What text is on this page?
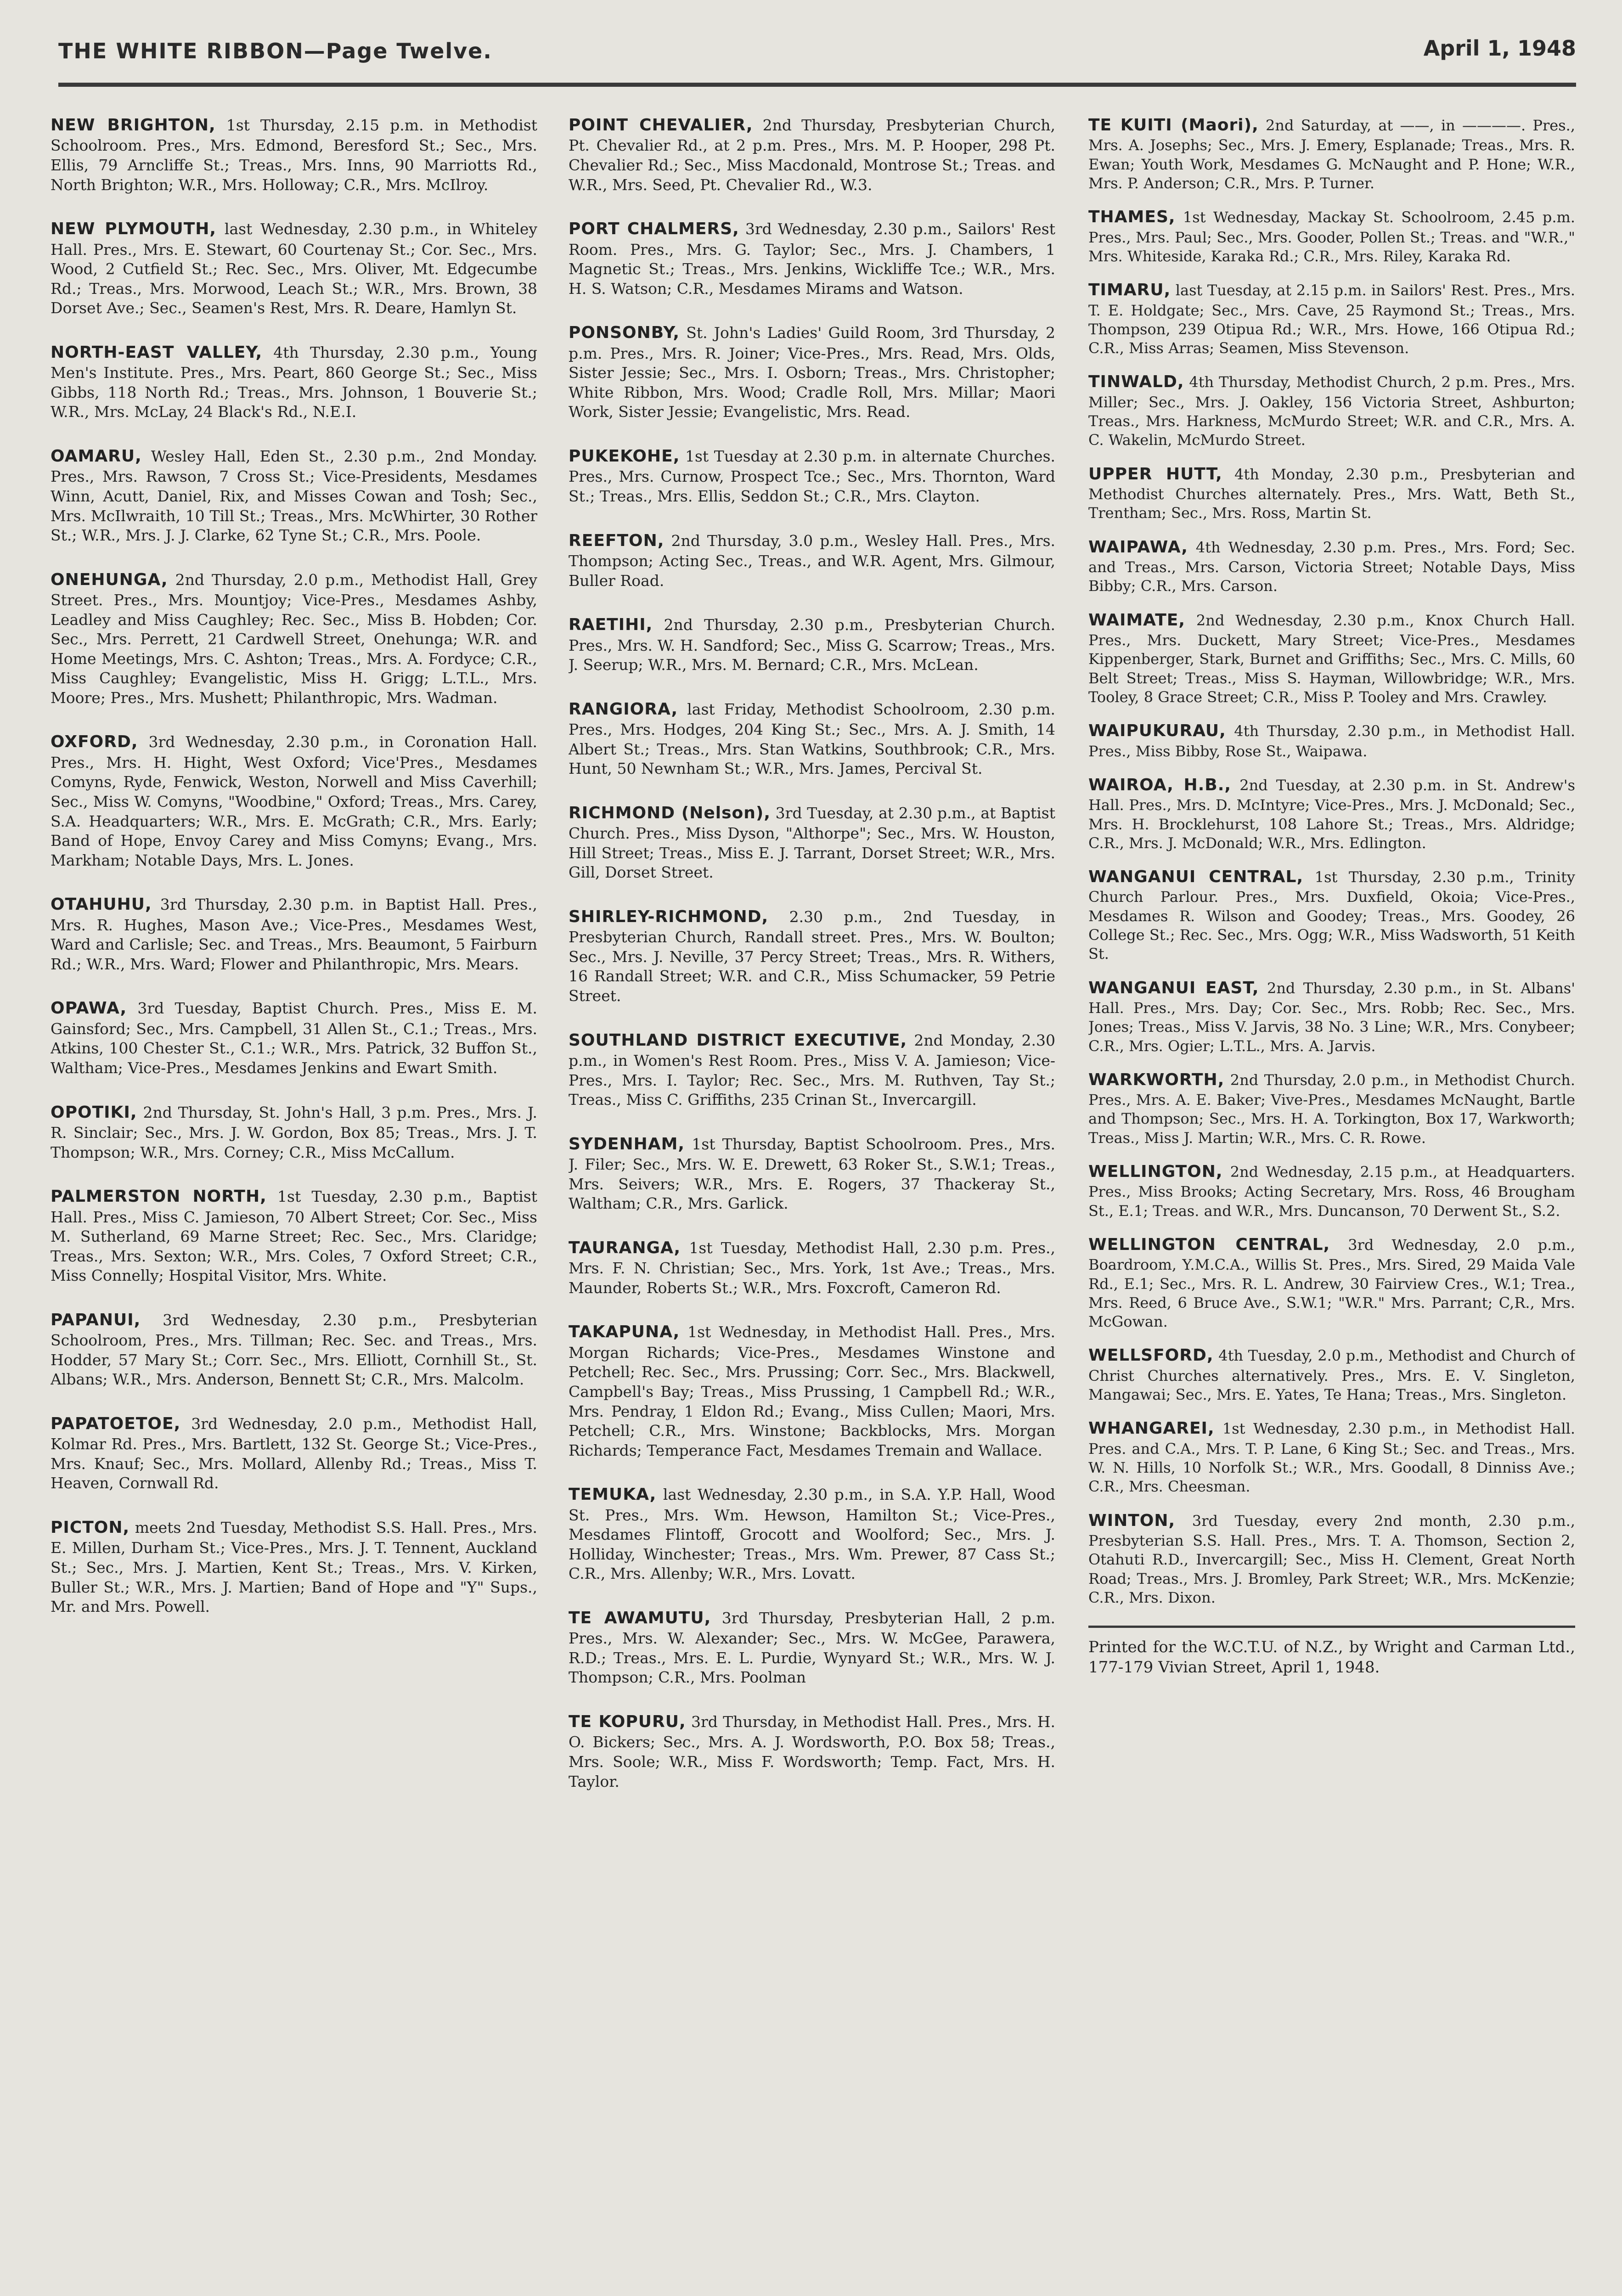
THE WHITE RIBBON—Page Twelve.	April 1, 1948

NEW BRIGHTON, 1st Thursday, 2.15 p.m. in Methodist Schoolroom. Pres., Mrs. Edmond, Beresford St.; Sec., Mrs. Ellis, 79 Arncliffe St.; Treas., Mrs. Inns, 90 Marriotts Rd., North Brighton; W.R., Mrs. Holloway; C.R., Mrs. McIlroy.

NEW PLYMOUTH, last Wednesday, 2.30 p.m., in Whiteley Hall. Pres., Mrs. E. Stewart, 60 Courtenay St.; Cor. Sec., Mrs. Wood, 2 Cutfield St.; Rec. Sec., Mrs. Oliver, Mt. Edgecumbe Rd.; Treas., Mrs. Morwood, Leach St.; W.R., Mrs. Brown, 38 Dorset Ave.; Sec., Seamen's Rest, Mrs. R. Deare, Hamlyn St.

NORTH-EAST VALLEY, 4th Thursday, 2.30 p.m., Young Men's Institute. Pres., Mrs. Peart, 860 George St.; Sec., Miss Gibbs, 118 North Rd.; Treas., Mrs. Johnson, 1 Bouverie St.; W.R., Mrs. McLay, 24 Black's Rd., N.E.I.

OAMARU, Wesley Hall, Eden St., 2.30 p.m., 2nd Monday. Pres., Mrs. Rawson, 7 Cross St.; Vice-Presidents, Mesdames Winn, Acutt, Daniel, Rix, and Misses Cowan and Tosh; Sec., Mrs. McIlwraith, 10 Till St.; Treas., Mrs. McWhirter, 30 Rother St.; W.R., Mrs. J. J. Clarke, 62 Tyne St.; C.R., Mrs. Poole.

ONEHUNGA, 2nd Thursday, 2.0 p.m., Methodist Hall, Grey Street. Pres., Mrs. Mountjoy; Vice-Pres., Mesdames Ashby, Leadley and Miss Caughley; Rec. Sec., Miss B. Hobden; Cor. Sec., Mrs. Perrett, 21 Cardwell Street, Onehunga; W.R. and Home Meetings, Mrs. C. Ashton; Treas., Mrs. A. Fordyce; C.R., Miss Caughley; Evangelistic, Miss H. Grigg; L.T.L., Mrs. Moore; Pres., Mrs. Mushett; Philanthropic, Mrs. Wadman.

OXFORD, 3rd Wednesday, 2.30 p.m., in Coronation Hall. Pres., Mrs. H. Hight, West Oxford; Vice'Pres., Mesdames Comyns, Ryde, Fenwick, Weston, Norwell and Miss Caverhill; Sec., Miss W. Comyns, "Woodbine," Oxford; Treas., Mrs. Carey, S.A. Headquarters; W.R., Mrs. E. McGrath; C.R., Mrs. Early; Band of Hope, Envoy Carey and Miss Comyns; Evang., Mrs. Markham; Notable Days, Mrs. L. Jones.

OTAHUHU, 3rd Thursday, 2.30 p.m. in Baptist Hall. Pres., Mrs. R. Hughes, Mason Ave.; Vice-Pres., Mesdames West, Ward and Carlisle; Sec. and Treas., Mrs. Beaumont, 5 Fairburn Rd.; W.R., Mrs. Ward; Flower and Philanthropic, Mrs. Mears.

OPAWA, 3rd Tuesday, Baptist Church. Pres., Miss E. M. Gainsford; Sec., Mrs. Campbell, 31 Allen St., C.1.; Treas., Mrs. Atkins, 100 Chester St., C.1.; W.R., Mrs. Patrick, 32 Buffon St., Waltham; Vice-Pres., Mesdames Jenkins and Ewart Smith.

OPOTIKI, 2nd Thursday, St. John's Hall, 3 p.m. Pres., Mrs. J. R. Sinclair; Sec., Mrs. J. W. Gordon, Box 85; Treas., Mrs. J. T. Thompson; W.R., Mrs. Corney; C.R., Miss McCallum.

PALMERSTON NORTH, 1st Tuesday, 2.30 p.m., Baptist Hall. Pres., Miss C. Jamieson, 70 Albert Street; Cor. Sec., Miss M. Sutherland, 69 Marne Street; Rec. Sec., Mrs. Claridge; Treas., Mrs. Sexton; W.R., Mrs. Coles, 7 Oxford Street; C.R., Miss Connelly; Hospital Visitor, Mrs. White.

PAPANUI, 3rd Wednesday, 2.30 p.m., Presbyterian Schoolroom, Pres., Mrs. Tillman; Rec. Sec. and Treas., Mrs. Hodder, 57 Mary St.; Corr. Sec., Mrs. Elliott, Cornhill St., St. Albans; W.R., Mrs. Anderson, Bennett St; C.R., Mrs. Malcolm.

PAPATOETOE, 3rd Wednesday, 2.0 p.m., Methodist Hall, Kolmar Rd. Pres., Mrs. Bartlett, 132 St. George St.; Vice-Pres., Mrs. Knauf; Sec., Mrs. Mollard, Allenby Rd.; Treas., Miss T. Heaven, Cornwall Rd.

PICTON, meets 2nd Tuesday, Methodist S.S. Hall. Pres., Mrs. E. Millen, Durham St.; Vice-Pres., Mrs. J. T. Tennent, Auckland St.; Sec., Mrs. J. Martien, Kent St.; Treas., Mrs. V. Kirken, Buller St.; W.R., Mrs. J. Martien; Band of Hope and "Y" Sups., Mr. and Mrs. Powell.

POINT CHEVALIER, 2nd Thursday, Presbyterian Church, Pt. Chevalier Rd., at 2 p.m. Pres., Mrs. M. P. Hooper, 298 Pt. Chevalier Rd.; Sec., Miss Macdonald, Montrose St.; Treas. and W.R., Mrs. Seed, Pt. Chevalier Rd., W.3.

PORT CHALMERS, 3rd Wednesday, 2.30 p.m., Sailors' Rest Room. Pres., Mrs. G. Taylor; Sec., Mrs. J. Chambers, 1 Magnetic St.; Treas., Mrs. Jenkins, Wickliffe Tce.; W.R., Mrs. H. S. Watson; C.R., Mesdames Mirams and Watson.

PONSONBY, St. John's Ladies' Guild Room, 3rd Thursday, 2 p.m. Pres., Mrs. R. Joiner; Vice-Pres., Mrs. Read, Mrs. Olds, Sister Jessie; Sec., Mrs. I. Osborn; Treas., Mrs. Christopher; White Ribbon, Mrs. Wood; Cradle Roll, Mrs. Millar; Maori Work, Sister Jessie; Evangelistic, Mrs. Read.

PUKEKOHE, 1st Tuesday at 2.30 p.m. in alternate Churches. Pres., Mrs. Curnow, Prospect Tce.; Sec., Mrs. Thornton, Ward St.; Treas., Mrs. Ellis, Seddon St.; C.R., Mrs. Clayton.

REEFTON, 2nd Thursday, 3.0 p.m., Wesley Hall. Pres., Mrs. Thompson; Acting Sec., Treas., and W.R. Agent, Mrs. Gilmour, Buller Road.

RAETIHI, 2nd Thursday, 2.30 p.m., Presbyterian Church. Pres., Mrs. W. H. Sandford; Sec., Miss G. Scarrow; Treas., Mrs. J. Seerup; W.R., Mrs. M. Bernard; C.R., Mrs. McLean.

RANGIORA, last Friday, Methodist Schoolroom, 2.30 p.m. Pres., Mrs. Hodges, 204 King St.; Sec., Mrs. A. J. Smith, 14 Albert St.; Treas., Mrs. Stan Watkins, Southbrook; C.R., Mrs. Hunt, 50 Newnham St.; W.R., Mrs. James, Percival St.

RICHMOND (Nelson), 3rd Tuesday, at 2.30 p.m., at Baptist Church. Pres., Miss Dyson, "Althorpe"; Sec., Mrs. W. Houston, Hill Street; Treas., Miss E. J. Tarrant, Dorset Street; W.R., Mrs. Gill, Dorset Street.

SHIRLEY-RICHMOND, 2.30 p.m., 2nd Tuesday, in Presbyterian Church, Randall street. Pres., Mrs. W. Boulton; Sec., Mrs. J. Neville, 37 Percy Street; Treas., Mrs. R. Withers, 16 Randall Street; W.R. and C.R., Miss Schumacker, 59 Petrie Street.

SOUTHLAND DISTRICT EXECUTIVE, 2nd Monday, 2.30 p.m., in Women's Rest Room. Pres., Miss V. A. Jamieson; Vice-Pres., Mrs. I. Taylor; Rec. Sec., Mrs. M. Ruthven, Tay St.; Treas., Miss C. Griffiths, 235 Crinan St., Invercargill.

SYDENHAM, 1st Thursday, Baptist Schoolroom. Pres., Mrs. J. Filer; Sec., Mrs. W. E. Drewett, 63 Roker St., S.W.1; Treas., Mrs. Seivers; W.R., Mrs. E. Rogers, 37 Thackeray St., Waltham; C.R., Mrs. Garlick.

TAURANGA, 1st Tuesday, Methodist Hall, 2.30 p.m. Pres., Mrs. F. N. Christian; Sec., Mrs. York, 1st Ave.; Treas., Mrs. Maunder, Roberts St.; W.R., Mrs. Foxcroft, Cameron Rd.

TAKAPUNA, 1st Wednesday, in Methodist Hall. Pres., Mrs. Morgan Richards; Vice-Pres., Mesdames Winstone and Petchell; Rec. Sec., Mrs. Prussing; Corr. Sec., Mrs. Blackwell, Campbell's Bay; Treas., Miss Prussing, 1 Campbell Rd.; W.R., Mrs. Pendray, 1 Eldon Rd.; Evang., Miss Cullen; Maori, Mrs. Petchell; C.R., Mrs. Winstone; Backblocks, Mrs. Morgan Richards; Temperance Fact, Mesdames Tremain and Wallace.

TEMUKA, last Wednesday, 2.30 p.m., in S.A. Y.P. Hall, Wood St. Pres., Mrs. Wm. Hewson, Hamilton St.; Vice-Pres., Mesdames Flintoff, Grocott and Woolford; Sec., Mrs. J. Holliday, Winchester; Treas., Mrs. Wm. Prewer, 87 Cass St.; C.R., Mrs. Allenby; W.R., Mrs. Lovatt.

TE AWAMUTU, 3rd Thursday, Presbyterian Hall, 2 p.m. Pres., Mrs. W. Alexander; Sec., Mrs. W. McGee, Parawera, R.D.; Treas., Mrs. E. L. Purdie, Wynyard St.; W.R., Mrs. W. J. Thompson; C.R., Mrs. Poolman

TE KOPURU, 3rd Thursday, in Methodist Hall. Pres., Mrs. H. O. Bickers; Sec., Mrs. A. J. Wordsworth, P.O. Box 58; Treas., Mrs. Soole; W.R., Miss F. Wordsworth; Temp. Fact, Mrs. H. Taylor.

TE KUITI (Maori), 2nd Saturday, at ——, in ————. Pres., Mrs. A. Josephs; Sec., Mrs. J. Emery, Esplanade; Treas., Mrs. R. Ewan; Youth Work, Mesdames G. McNaught and P. Hone; W.R., Mrs. P. Anderson; C.R., Mrs. P. Turner.

THAMES, 1st Wednesday, Mackay St. Schoolroom, 2.45 p.m. Pres., Mrs. Paul; Sec., Mrs. Gooder, Pollen St.; Treas. and "W.R.," Mrs. Whiteside, Karaka Rd.; C.R., Mrs. Riley, Karaka Rd.

TIMARU, last Tuesday, at 2.15 p.m. in Sailors' Rest. Pres., Mrs. T. E. Holdgate; Sec., Mrs. Cave, 25 Raymond St.; Treas., Mrs. Thompson, 239 Otipua Rd.; W.R., Mrs. Howe, 166 Otipua Rd.; C.R., Miss Arras; Seamen, Miss Stevenson.

TINWALD, 4th Thursday, Methodist Church, 2 p.m. Pres., Mrs. Miller; Sec., Mrs. J. Oakley, 156 Victoria Street, Ashburton; Treas., Mrs. Harkness, McMurdo Street; W.R. and C.R., Mrs. A. C. Wakelin, McMurdo Street.

UPPER HUTT, 4th Monday, 2.30 p.m., Presbyterian and Methodist Churches alternately. Pres., Mrs. Watt, Beth St., Trentham; Sec., Mrs. Ross, Martin St.

WAIPAWA, 4th Wednesday, 2.30 p.m. Pres., Mrs. Ford; Sec. and Treas., Mrs. Carson, Victoria Street; Notable Days, Miss Bibby; C.R., Mrs. Carson.

WAIMATE, 2nd Wednesday, 2.30 p.m., Knox Church Hall. Pres., Mrs. Duckett, Mary Street; Vice-Pres., Mesdames Kippenberger, Stark, Burnet and Griffiths; Sec., Mrs. C. Mills, 60 Belt Street; Treas., Miss S. Hayman, Willowbridge; W.R., Mrs. Tooley, 8 Grace Street; C.R., Miss P. Tooley and Mrs. Crawley.

WAIPUKURAU, 4th Thursday, 2.30 p.m., in Methodist Hall. Pres., Miss Bibby, Rose St., Waipawa.

WAIROA, H.B., 2nd Tuesday, at 2.30 p.m. in St. Andrew's Hall. Pres., Mrs. D. McIntyre; Vice-Pres., Mrs. J. McDonald; Sec., Mrs. H. Brocklehurst, 108 Lahore St.; Treas., Mrs. Aldridge; C.R., Mrs. J. McDonald; W.R., Mrs. Edlington.

WANGANUI CENTRAL, 1st Thursday, 2.30 p.m., Trinity Church Parlour. Pres., Mrs. Duxfield, Okoia; Vice-Pres., Mesdames R. Wilson and Goodey; Treas., Mrs. Goodey, 26 College St.; Rec. Sec., Mrs. Ogg; W.R., Miss Wadsworth, 51 Keith St.

WANGANUI EAST, 2nd Thursday, 2.30 p.m., in St. Albans' Hall. Pres., Mrs. Day; Cor. Sec., Mrs. Robb; Rec. Sec., Mrs. Jones; Treas., Miss V. Jarvis, 38 No. 3 Line; W.R., Mrs. Conybeer; C.R., Mrs. Ogier; L.T.L., Mrs. A. Jarvis.

WARKWORTH, 2nd Thursday, 2.0 p.m., in Methodist Church. Pres., Mrs. A. E. Baker; Vive-Pres., Mesdames McNaught, Bartle and Thompson; Sec., Mrs. H. A. Torkington, Box 17, Warkworth; Treas., Miss J. Martin; W.R., Mrs. C. R. Rowe.

WELLINGTON, 2nd Wednesday, 2.15 p.m., at Headquarters. Pres., Miss Brooks; Acting Secretary, Mrs. Ross, 46 Brougham St., E.1; Treas. and W.R., Mrs. Duncanson, 70 Derwent St., S.2.

WELLINGTON CENTRAL, 3rd Wednesday, 2.0 p.m., Boardroom, Y.M.C.A., Willis St. Pres., Mrs. Sired, 29 Maida Vale Rd., E.1; Sec., Mrs. R. L. Andrew, 30 Fairview Cres., W.1; Trea., Mrs. Reed, 6 Bruce Ave., S.W.1; "W.R." Mrs. Parrant; C,R., Mrs. McGowan.

WELLSFORD, 4th Tuesday, 2.0 p.m., Methodist and Church of Christ Churches alternatively. Pres., Mrs. E. V. Singleton, Mangawai; Sec., Mrs. E. Yates, Te Hana; Treas., Mrs. Singleton.

WHANGAREI, 1st Wednesday, 2.30 p.m., in Methodist Hall. Pres. and C.A., Mrs. T. P. Lane, 6 King St.; Sec. and Treas., Mrs. W. N. Hills, 10 Norfolk St.; W.R., Mrs. Goodall, 8 Dinniss Ave.; C.R., Mrs. Cheesman.

WINTON, 3rd Tuesday, every 2nd month, 2.30 p.m., Presbyterian S.S. Hall. Pres., Mrs. T. A. Thomson, Section 2, Otahuti R.D., Invercargill; Sec., Miss H. Clement, Great North Road; Treas., Mrs. J. Bromley, Park Street; W.R., Mrs. McKenzie; C.R., Mrs. Dixon.

Printed for the W.C.T.U. of N.Z., by Wright and Carman Ltd., 177-179 Vivian Street, April 1, 1948.
